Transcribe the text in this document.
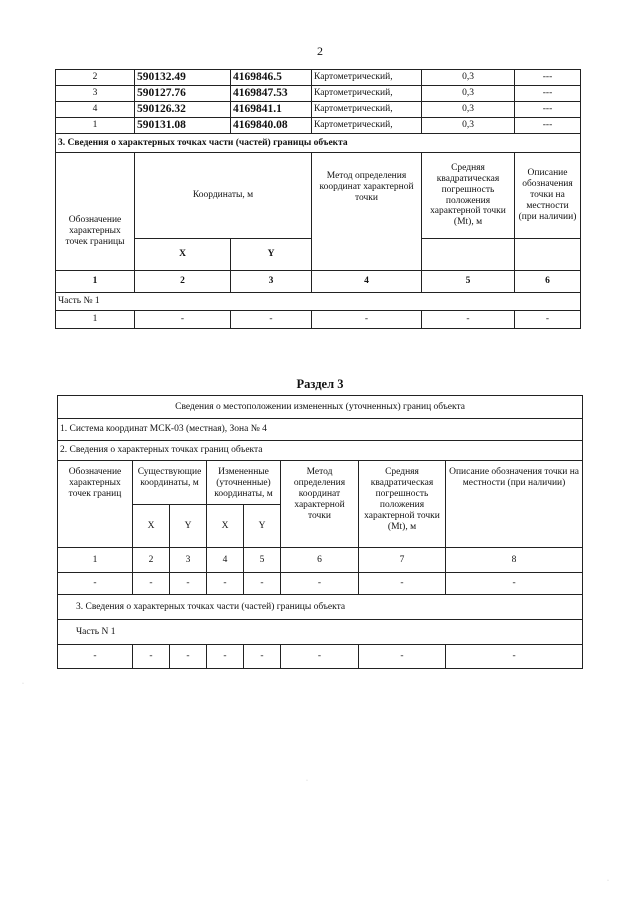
2
2	590132.49	4169846.5	Картометрический,	0,3	---
3	590127.76	4169847.53	Картометрический,	0,3	---
4	590126.32	4169841.1	Картометрический,	0,3	---
1	590131.08	4169840.08	Картометрический,	0,3	---
3. Сведения о характерных точках части (частей) границы объекта					
Обозначение характерных точек границы	Координаты, м		Метод определения координат характерной точки	Средняя квадратическая погрешность положения характерной точки (Mt), м	Описание обозначения точки на местности (при наличии)
	X	Y			
1	2	3	4	5	6
Часть № 1					
1	-	-	-	-	-
Раздел 3
Сведения о местоположении измененных (уточненных) границ объекта							
1. Система координат МСК-03 (местная), Зона № 4							
2. Сведения о характерных точках границ объекта							
Обозначение характерных точек границ	Существующие координаты, м		Измененные (уточненные) координаты, м		Метод определения координат характерной точки	Средняя квадратическая погрешность положения характерной точки (Mt), м	Описание обозначения точки на местности (при наличии)
	X	Y	X	Y			
1	2	3	4	5	6	7	8
-	-	-	-	-	-	-	-
3. Сведения о характерных точках части (частей) границы объекта							
Часть N 1							
-	-	-	-	-	-	-	-
·
·
·
